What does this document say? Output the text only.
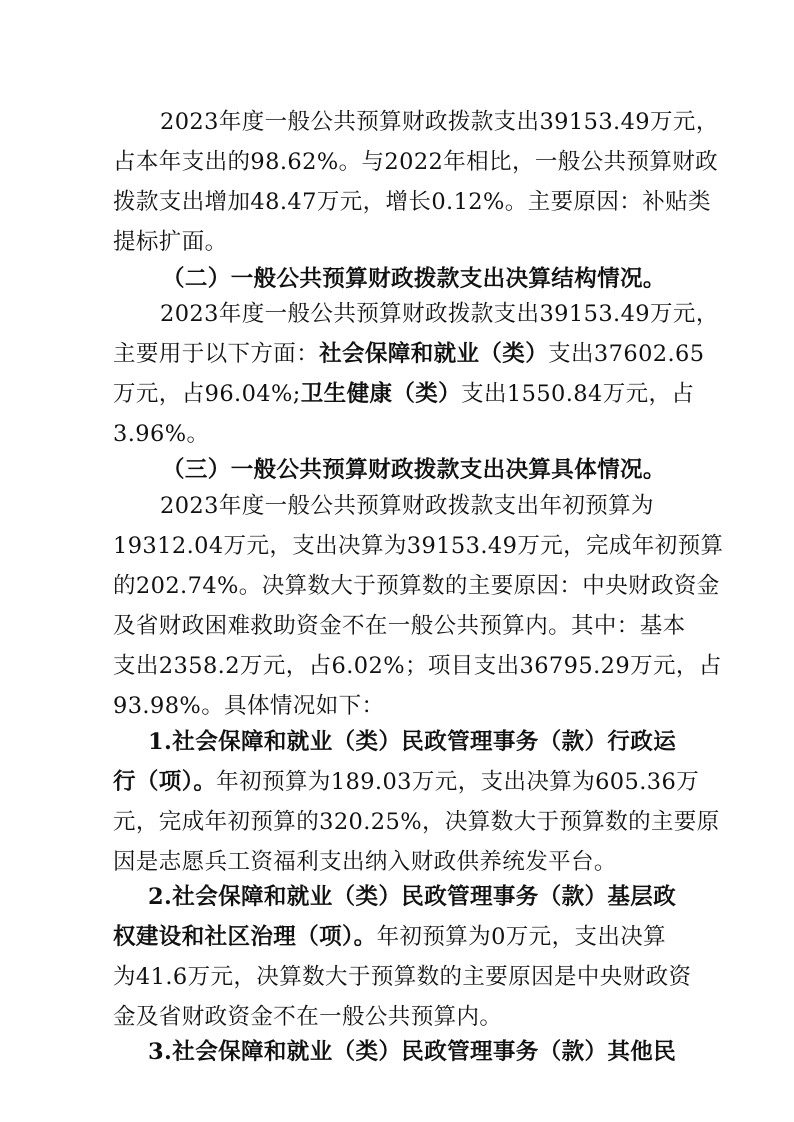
2023年度一般公共预算财政拨款支出39153.49万元，
占本年支出的98.62%。与2022年相比，一般公共预算财政
拨款支出增加48.47万元，增长0.12%。主要原因：补贴类
提标扩面。
（二）一般公共预算财政拨款支出决算结构情况。
2023年度一般公共预算财政拨款支出39153.49万元，
主要用于以下方面：社会保障和就业（类）支出37602.65
万元，占96.04%;卫生健康（类）支出1550.84万元，占
3.96%。
（三）一般公共预算财政拨款支出决算具体情况。
2023年度一般公共预算财政拨款支出年初预算为
19312.04万元，支出决算为39153.49万元，完成年初预算
的202.74%。决算数大于预算数的主要原因：中央财政资金
及省财政困难救助资金不在一般公共预算内。其中：基本
支出2358.2万元，占6.02%；项目支出36795.29万元，占
93.98%。具体情况如下：
1.社会保障和就业（类）民政管理事务（款）行政运
行（项）。年初预算为189.03万元，支出决算为605.36万
元，完成年初预算的320.25%，决算数大于预算数的主要原
因是志愿兵工资福利支出纳入财政供养统发平台。
2.社会保障和就业（类）民政管理事务（款）基层政
权建设和社区治理（项）。年初预算为0万元，支出决算
为41.6万元，决算数大于预算数的主要原因是中央财政资
金及省财政资金不在一般公共预算内。
3.社会保障和就业（类）民政管理事务（款）其他民
